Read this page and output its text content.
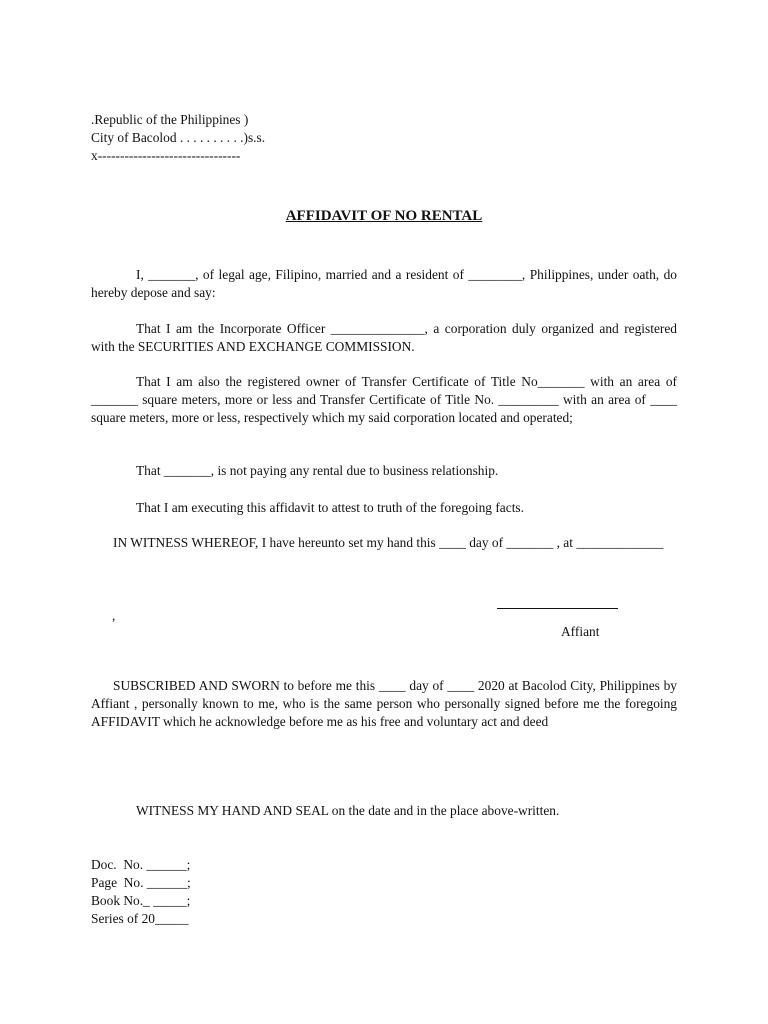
.Republic of the Philippines )
City of Bacolod . . . . . . . . . .)s.s.
x--------------------------------
AFFIDAVIT OF NO RENTAL
I, _______, of legal age, Filipino, married and a resident of ________, Philippines, under oath, do hereby depose and say:
That I am the Incorporate Officer ______________, a corporation duly organized and registered with the SECURITIES AND EXCHANGE COMMISSION.
That I am also the registered owner of Transfer Certificate of Title No_______ with an area of _______ square meters, more or less and Transfer Certificate of Title No. _________ with an area of ____ square meters, more or less, respectively which my said corporation located and operated;
That _______, is not paying any rental due to business relationship.
That I am executing this affidavit to attest to truth of the foregoing facts.
IN WITNESS WHEREOF, I have hereunto set my hand this ____ day of _______ , at _____________
,
Affiant
SUBSCRIBED AND SWORN to before me this ____ day of ____ 2020 at Bacolod City, Philippines by Affiant , personally known to me, who is the same person who personally signed before me the foregoing AFFIDAVIT which he acknowledge before me as his free and voluntary act and deed
WITNESS MY HAND AND SEAL on the date and in the place above-written.
Doc.  No. ______;
Page  No. ______;
Book No._ _____;
Series of 20_____
